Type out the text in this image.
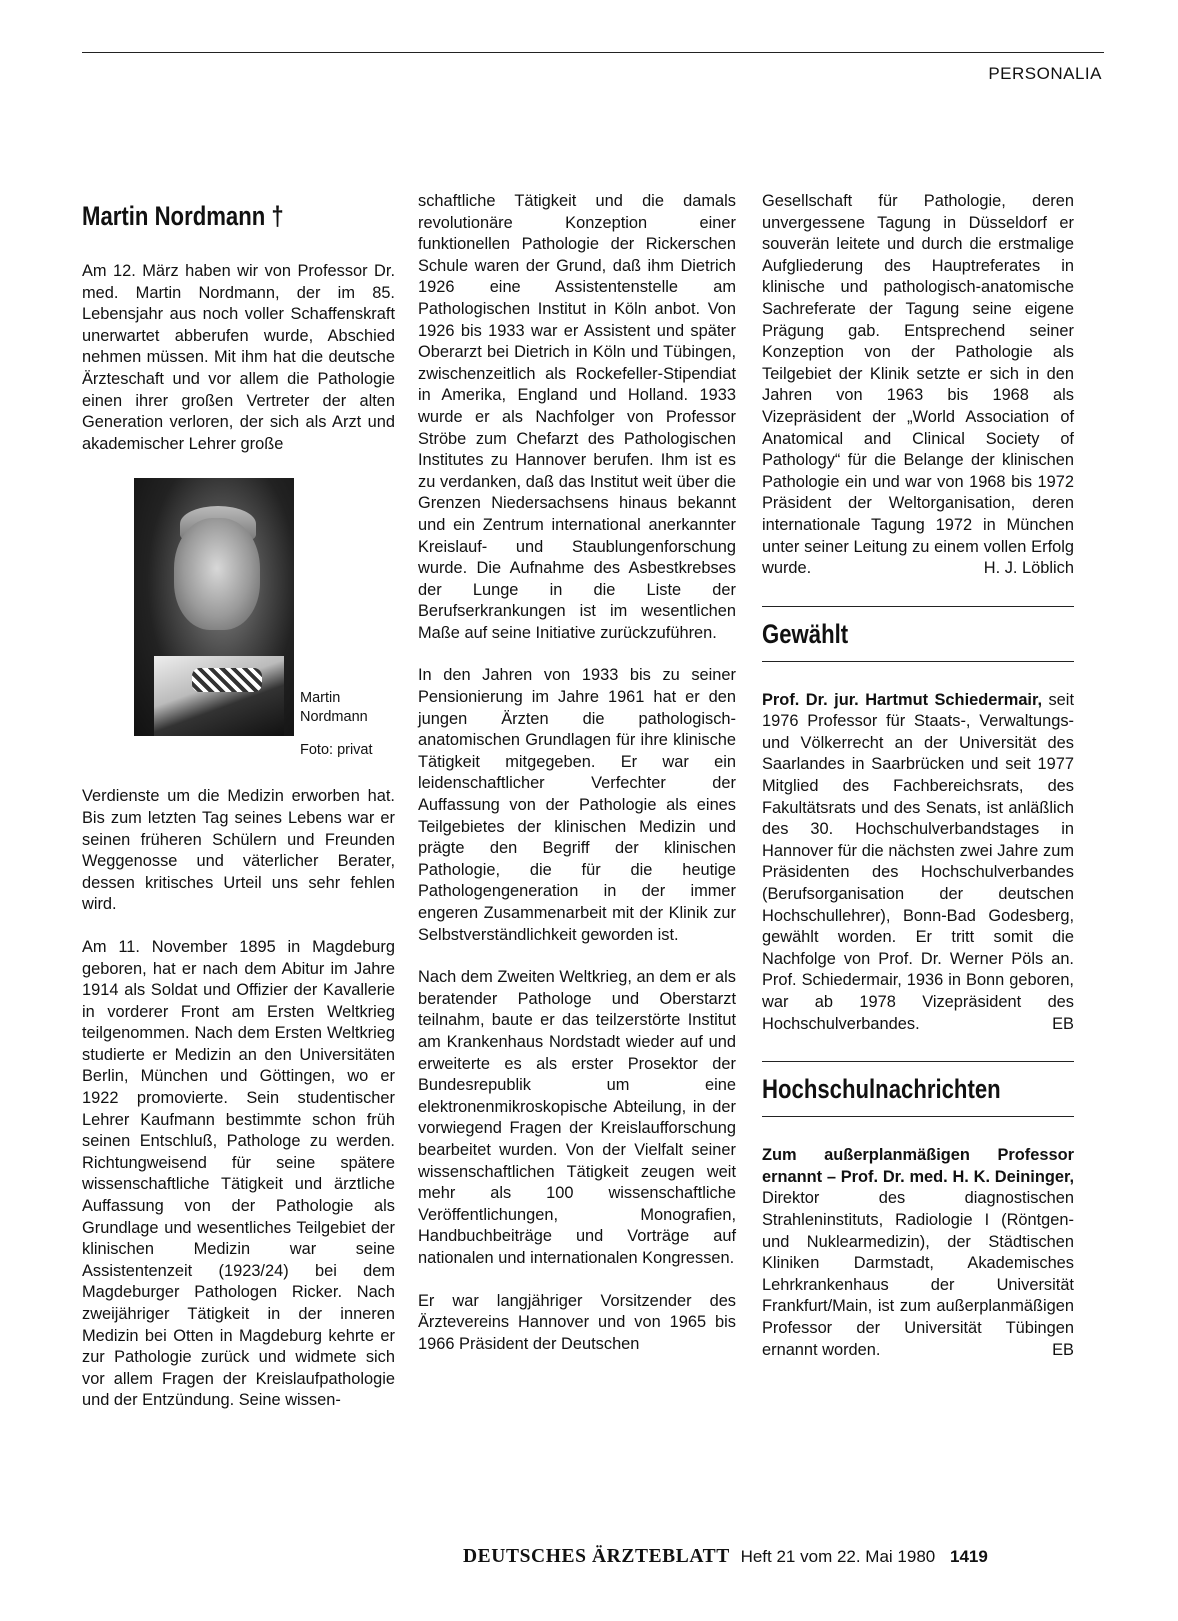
PERSONALIA
Martin Nordmann †

Am 12. März haben wir von Professor Dr. med. Martin Nordmann, der im 85. Lebensjahr aus noch voller Schaffenskraft unerwartet abberufen wurde, Abschied nehmen müssen. Mit ihm hat die deutsche Ärzteschaft und vor allem die Pathologie einen ihrer großen Vertreter der alten Generation verloren, der sich als Arzt und akademischer Lehrer große

Martin
Nordmann
Foto: privat

Verdienste um die Medizin erworben hat. Bis zum letzten Tag seines Lebens war er seinen früheren Schülern und Freunden Weggenosse und väterlicher Berater, dessen kritisches Urteil uns sehr fehlen wird.

Am 11. November 1895 in Magdeburg geboren, hat er nach dem Abitur im Jahre 1914 als Soldat und Offizier der Kavallerie in vorderer Front am Ersten Weltkrieg teilgenommen. Nach dem Ersten Weltkrieg studierte er Medizin an den Universitäten Berlin, München und Göttingen, wo er 1922 promovierte. Sein studentischer Lehrer Kaufmann bestimmte schon früh seinen Entschluß, Pathologe zu werden. Richtungweisend für seine spätere wissenschaftliche Tätigkeit und ärztliche Auffassung von der Pathologie als Grundlage und wesentliches Teilgebiet der klinischen Medizin war seine Assistentenzeit (1923/24) bei dem Magdeburger Pathologen Ricker. Nach zweijähriger Tätigkeit in der inneren Medizin bei Otten in Magdeburg kehrte er zur Pathologie zurück und widmete sich vor allem Fragen der Kreislaufpathologie und der Entzündung. Seine wissen-

schaftliche Tätigkeit und die damals revolutionäre Konzeption einer funktionellen Pathologie der Rickerschen Schule waren der Grund, daß ihm Dietrich 1926 eine Assistentenstelle am Pathologischen Institut in Köln anbot. Von 1926 bis 1933 war er Assistent und später Oberarzt bei Dietrich in Köln und Tübingen, zwischenzeitlich als Rockefeller-Stipendiat in Amerika, England und Holland. 1933 wurde er als Nachfolger von Professor Ströbe zum Chefarzt des Pathologischen Institutes zu Hannover berufen. Ihm ist es zu verdanken, daß das Institut weit über die Grenzen Niedersachsens hinaus bekannt und ein Zentrum international anerkannter Kreislauf- und Staublungenforschung wurde. Die Aufnahme des Asbestkrebses der Lunge in die Liste der Berufserkrankungen ist im wesentlichen Maße auf seine Initiative zurückzuführen.

In den Jahren von 1933 bis zu seiner Pensionierung im Jahre 1961 hat er den jungen Ärzten die pathologisch-anatomischen Grundlagen für ihre klinische Tätigkeit mitgegeben. Er war ein leidenschaftlicher Verfechter der Auffassung von der Pathologie als eines Teilgebietes der klinischen Medizin und prägte den Begriff der klinischen Pathologie, die für die heutige Pathologengeneration in der immer engeren Zusammenarbeit mit der Klinik zur Selbstverständlichkeit geworden ist.

Nach dem Zweiten Weltkrieg, an dem er als beratender Pathologe und Oberstarzt teilnahm, baute er das teilzerstörte Institut am Krankenhaus Nordstadt wieder auf und erweiterte es als erster Prosektor der Bundesrepublik um eine elektronenmikroskopische Abteilung, in der vorwiegend Fragen der Kreislaufforschung bearbeitet wurden. Von der Vielfalt seiner wissenschaftlichen Tätigkeit zeugen weit mehr als 100 wissenschaftliche Veröffentlichungen, Monografien, Handbuchbeiträge und Vorträge auf nationalen und internationalen Kongressen.

Er war langjähriger Vorsitzender des Ärztevereins Hannover und von 1965 bis 1966 Präsident der Deutschen

Gesellschaft für Pathologie, deren unvergessene Tagung in Düsseldorf er souverän leitete und durch die erstmalige Aufgliederung des Hauptreferates in klinische und pathologisch-anatomische Sachreferate der Tagung seine eigene Prägung gab. Entsprechend seiner Konzeption von der Pathologie als Teilgebiet der Klinik setzte er sich in den Jahren von 1963 bis 1968 als Vizepräsident der „World Association of Anatomical and Clinical Society of Pathology“ für die Belange der klinischen Pathologie ein und war von 1968 bis 1972 Präsident der Weltorganisation, deren internationale Tagung 1972 in München unter seiner Leitung zu einem vollen Erfolg wurde.	H. J. Löblich

Gewählt

Prof. Dr. jur. Hartmut Schiedermair, seit 1976 Professor für Staats-, Verwaltungs- und Völkerrecht an der Universität des Saarlandes in Saarbrücken und seit 1977 Mitglied des Fachbereichsrats, des Fakultätsrats und des Senats, ist anläßlich des 30. Hochschulverbandstages in Hannover für die nächsten zwei Jahre zum Präsidenten des Hochschulverbandes (Berufsorganisation der deutschen Hochschullehrer), Bonn-Bad Godesberg, gewählt worden. Er tritt somit die Nachfolge von Prof. Dr. Werner Pöls an. Prof. Schiedermair, 1936 in Bonn geboren, war ab 1978 Vizepräsident des Hochschulverbandes.	EB

Hochschulnachrichten

Zum außerplanmäßigen Professor ernannt – Prof. Dr. med. H. K. Deininger, Direktor des diagnostischen Strahleninstituts, Radiologie I (Röntgen- und Nuklearmedizin), der Städtischen Kliniken Darmstadt, Akademisches Lehrkrankenhaus der Universität Frankfurt/Main, ist zum außerplanmäßigen Professor der Universität Tübingen ernannt worden.	EB

DEUTSCHES ÄRZTEBLATT Heft 21 vom 22. Mai 1980 1419
